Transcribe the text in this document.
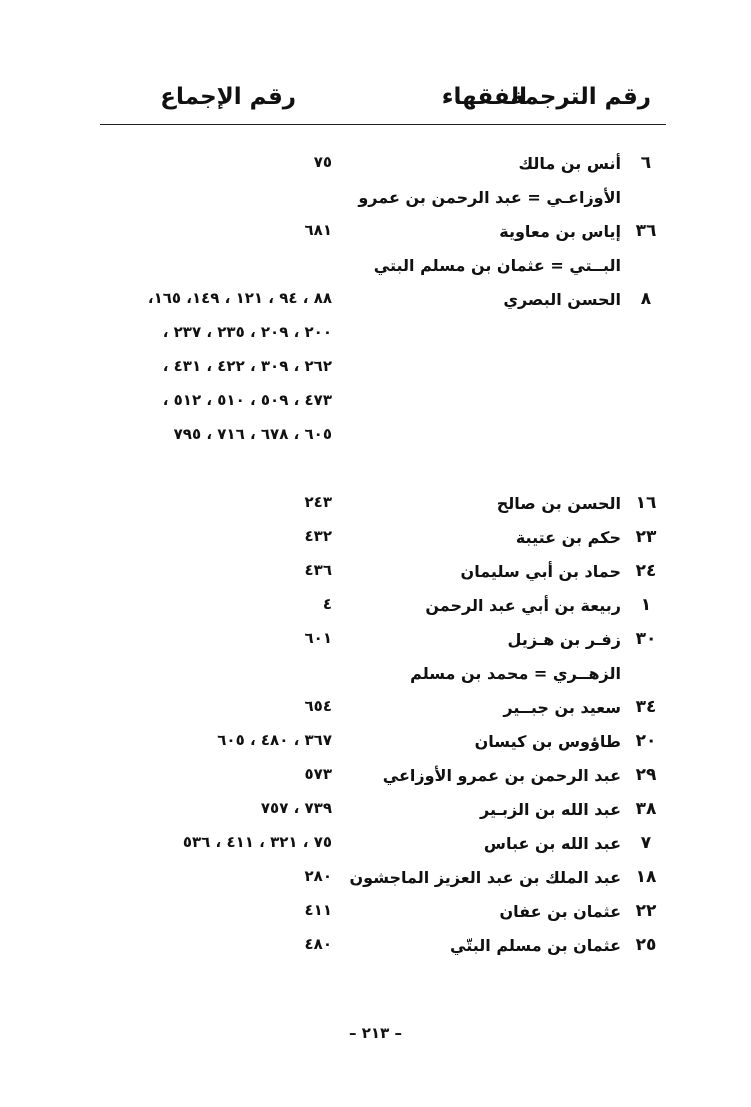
رقم الترجمة
الفقهاء
رقم الإجماع
٦
أنس بن مالك
٧٥
الأوزاعـي = عبد الرحمن بن عمرو
٣٦
إياس بن معاوية
٦٨١
البــتي = عثمان بن مسلم البتي
٨
الحسن البصري
٨٨ ، ٩٤ ، ١٢١ ، ١٤٩، ١٦٥،
٢٠٠ ، ٢٠٩ ، ٢٣٥ ، ٢٣٧ ،
٢٦٢ ، ٣٠٩ ، ٤٢٢ ، ٤٣١ ،
٤٧٣ ، ٥٠٩ ، ٥١٠ ، ٥١٢ ،
٦٠٥ ، ٦٧٨ ، ٧١٦ ، ٧٩٥
١٦
الحسن بن صالح
٢٤٣
٢٣
حكم بن عتيبة
٤٣٢
٢٤
حماد بن أبي سليمان
٤٣٦
١
ربيعة بن أبي عبد الرحمن
٤
٣٠
زفـر بن هـزيل
٦٠١
الزهــري = محمد بن مسلم
٣٤
سعيد بن جبــير
٦٥٤
٢٠
طاؤوس بن كيسان
٣٦٧ ، ٤٨٠ ، ٦٠٥
٢٩
عبد الرحمن بن عمرو الأوزاعي
٥٧٣
٣٨
عبد الله بن الزبـير
٧٣٩ ، ٧٥٧
٧
عبد الله بن عباس
٧٥ ، ٣٢١ ، ٤١١ ، ٥٣٦
١٨
عبد الملك بن عبد العزيز الماجشون
٢٨٠
٢٢
عثمان بن عفان
٤١١
٢٥
عثمان بن مسلم البتّي
٤٨٠
– ٢١٣ –
